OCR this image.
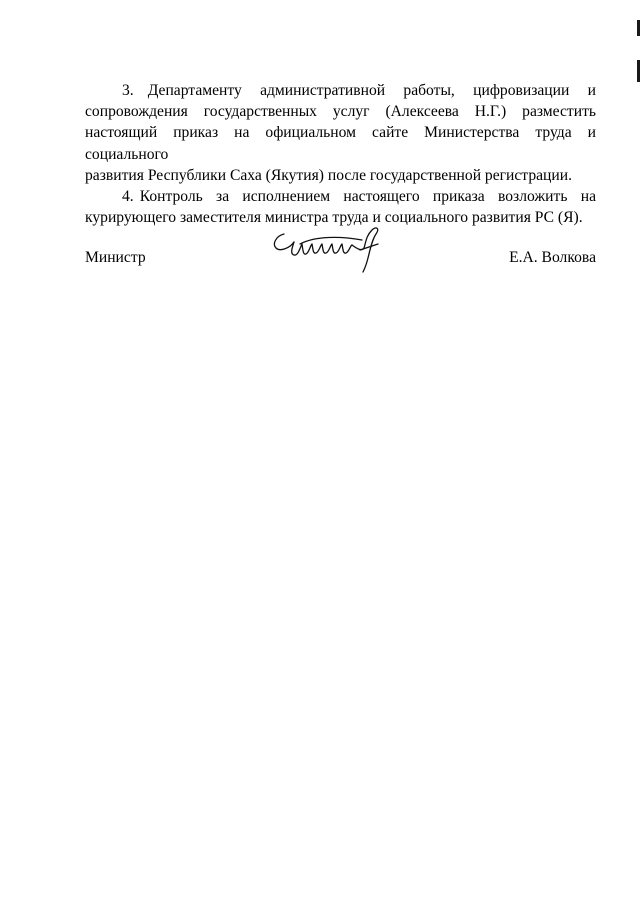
3. Департаменту административной работы, цифровизации и
сопровождения государственных услуг (Алексеева Н.Г.) разместить
настоящий приказ на официальном сайте Министерства труда и социального
развития Республики Саха (Якутия) после государственной регистрации.

4. Контроль за исполнением настоящего приказа возложить на
курирующего заместителя министра труда и социального развития РС (Я).

Министр	Е.А. Волкова
